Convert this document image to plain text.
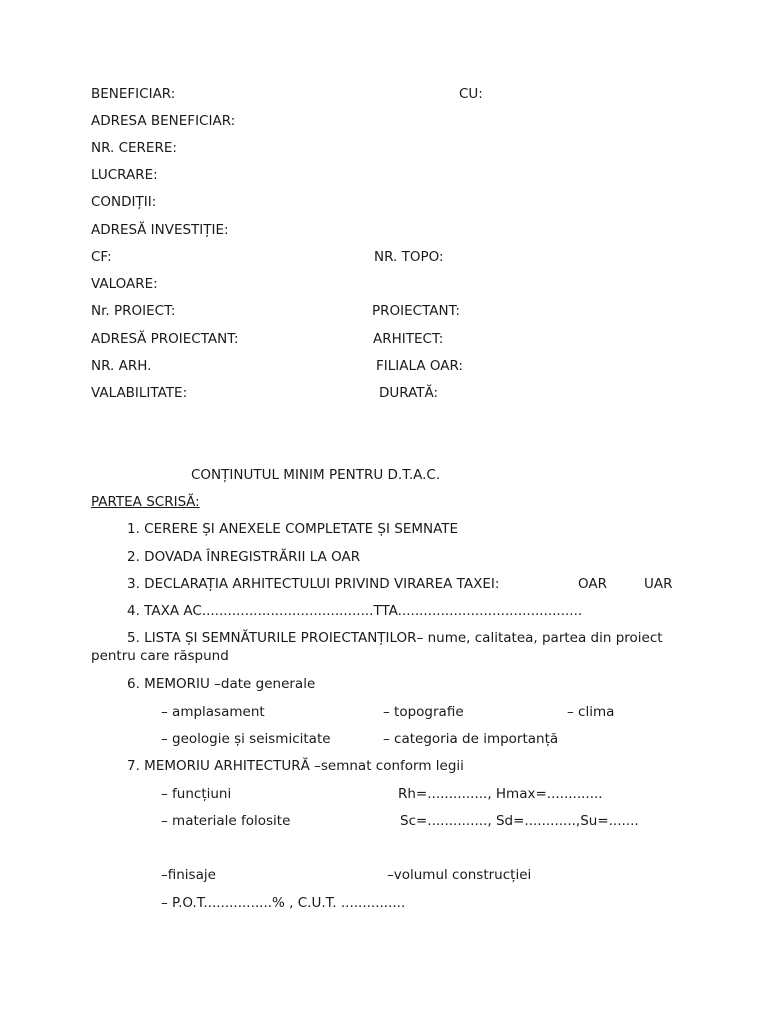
BENEFICIAR:	CU:
ADRESA BENEFICIAR:
NR. CERERE:
LUCRARE:
CONDIȚII:
ADRESĂ INVESTIȚIE:
CF:	NR. TOPO:
VALOARE:
Nr. PROIECT:	PROIECTANT:
ADRESĂ PROIECTANT:	ARHITECT:
NR. ARH.	FILIALA OAR:
VALABILITATE:	DURATĂ:
CONȚINUTUL MINIM PENTRU D.T.A.C.
PARTEA SCRISĂ:
1. CERERE ȘI ANEXELE COMPLETATE ȘI SEMNATE
2. DOVADA ÎNREGISTRĂRII LA OAR
3. DECLARAȚIA ARHITECTULUI PRIVIND VIRAREA TAXEI:	OAR	UAR
4. TAXA AC........................................TTA...........................................
5. LISTA ȘI SEMNĂTURILE PROIECTANȚILOR– nume, calitatea, partea din proiect pentru care răspund
6. MEMORIU –date generale
– amplasament	– topografie	– clima
– geologie și seismicitate	– categoria de importanță
7. MEMORIU ARHITECTURĂ –semnat conform legii
– funcțiuni	Rh=.............., Hmax=.............
– materiale folosite	Sc=.............., Sd=............,Su=.......
–finisaje	–volumul construcției
– P.O.T................% , C.U.T. ...............
